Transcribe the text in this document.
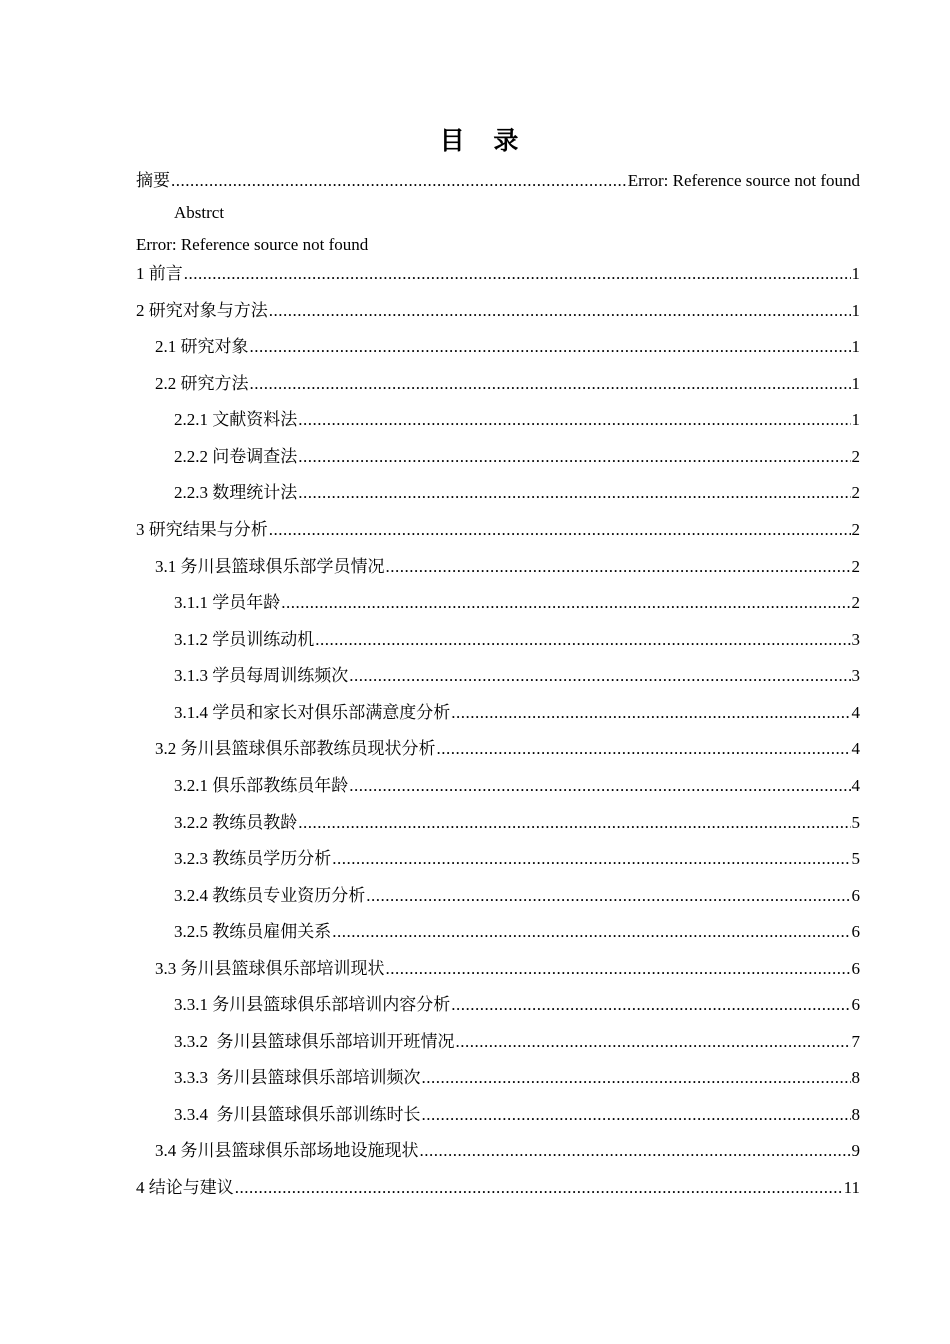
目 录
摘要 .....	Error: Reference source not found
Abstrct
Error: Reference source not found
1 前言 .....	1
2 研究对象与方法 .....	1
2.1 研究对象 .....	1
2.2 研究方法 .....	1
2.2.1 文献资料法 .....	1
2.2.2 问卷调查法 .....	2
2.2.3 数理统计法 .....	2
3 研究结果与分析 .....	2
3.1 务川县篮球俱乐部学员情况 .....	2
3.1.1 学员年龄 .....	2
3.1.2 学员训练动机 .....	3
3.1.3 学员每周训练频次 .....	3
3.1.4 学员和家长对俱乐部满意度分析 .....	4
3.2 务川县篮球俱乐部教练员现状分析 .....	4
3.2.1 俱乐部教练员年龄 .....	4
3.2.2 教练员教龄 .....	5
3.2.3 教练员学历分析 .....	5
3.2.4 教练员专业资历分析 .....	6
3.2.5 教练员雇佣关系 .....	6
3.3 务川县篮球俱乐部培训现状 .....	6
3.3.1 务川县篮球俱乐部培训内容分析 .....	6
3.3.2  务川县篮球俱乐部培训开班情况 .....	7
3.3.3  务川县篮球俱乐部培训频次 .....	8
3.3.4  务川县篮球俱乐部训练时长 .....	8
3.4 务川县篮球俱乐部场地设施现状 .....	9
4 结论与建议 .....	11
